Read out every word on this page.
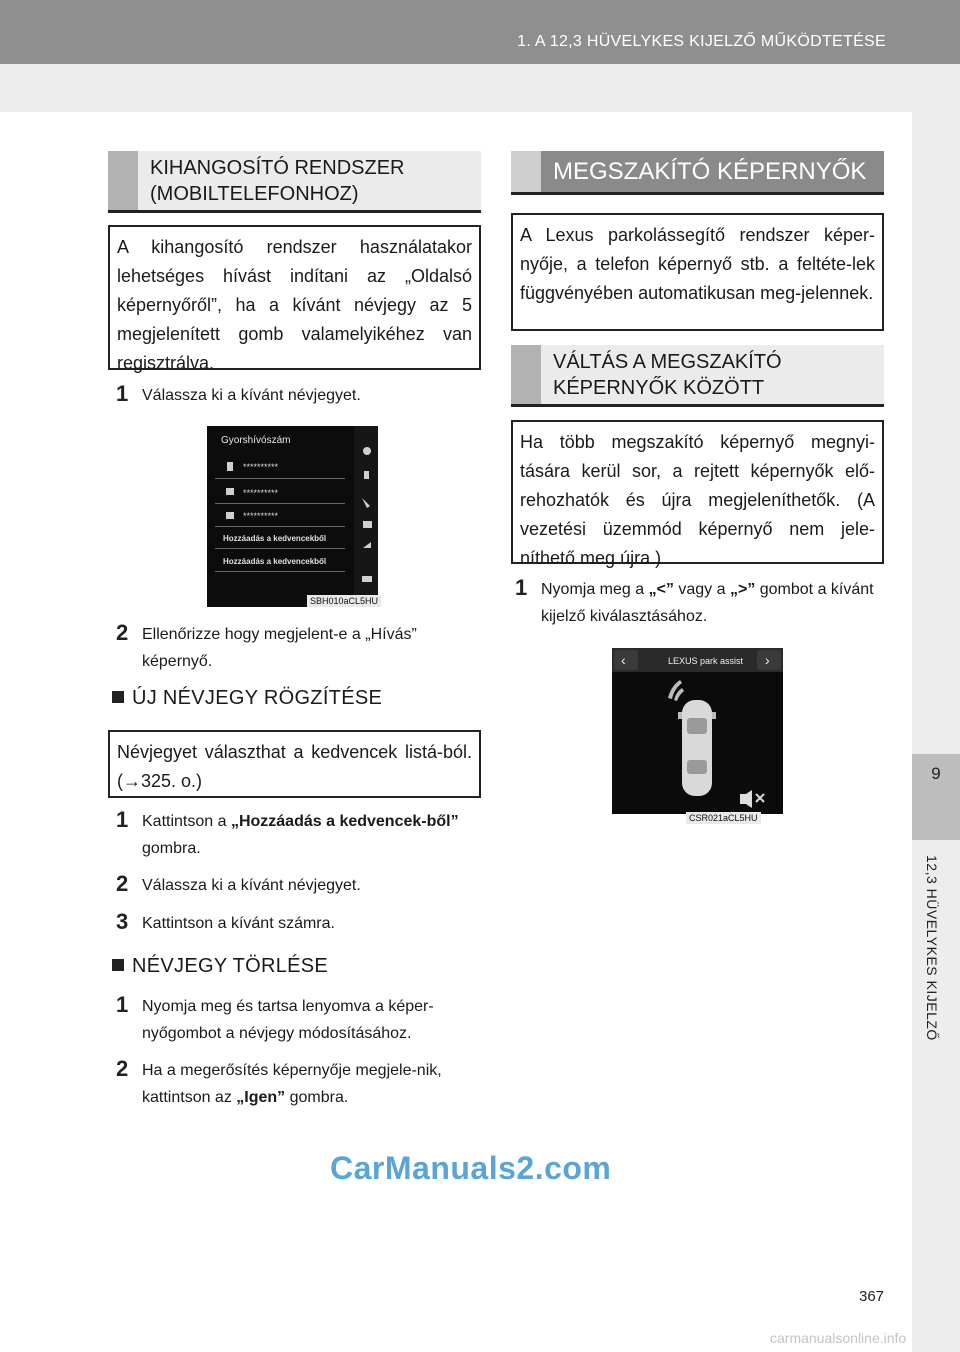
1. A 12,3 HÜVELYKES KIJELZŐ MŰKÖDTETÉSE
9
12,3 HÜVELYKES KIJELZŐ
KIHANGOSÍTÓ RENDSZER (MOBILTELEFONHOZ)
A kihangosító rendszer használatakor lehetséges hívást indítani az „Oldalsó képernyőről”, ha a kívánt névjegy az 5 megjelenített gomb valamelyikéhez van regisztrálva.
1 Válassza ki a kívánt névjegyet.
Gyorshívószám
**********
**********
**********
Hozzáadás a kedvencekből
Hozzáadás a kedvencekből
SBH010aCL5HU
2 Ellenőrizze hogy megjelent-e a „Hívás” képernyő.
ÚJ NÉVJEGY RÖGZÍTÉSE
Névjegyet választhat a kedvencek listá-ból. (→325. o.)
1 Kattintson a „Hozzáadás a kedvencek-ből” gombra.
2 Válassza ki a kívánt névjegyet.
3 Kattintson a kívánt számra.
NÉVJEGY TÖRLÉSE
1 Nyomja meg és tartsa lenyomva a képer-nyőgombot a névjegy módosításához.
2 Ha a megerősítés képernyője megjele-nik, kattintson az „Igen” gombra.
MEGSZAKÍTÓ KÉPERNYŐK
A Lexus parkolássegítő rendszer képer-nyője, a telefon képernyő stb. a feltéte-lek függvényében automatikusan meg-jelennek.
VÁLTÁS A MEGSZAKÍTÓ KÉPERNYŐK KÖZÖTT
Ha több megszakító képernyő megnyi-tására kerül sor, a rejtett képernyők elő-rehozhatók és újra megjeleníthetők. (A vezetési üzemmód képernyő nem jele-níthető meg újra.)
1 Nyomja meg a „<” vagy a „>” gombot a kívánt kijelző kiválasztásához.
‹	›
LEXUS park assist
CSR021aCL5HU
CarManuals2.com
367
carmanualsonline.info
